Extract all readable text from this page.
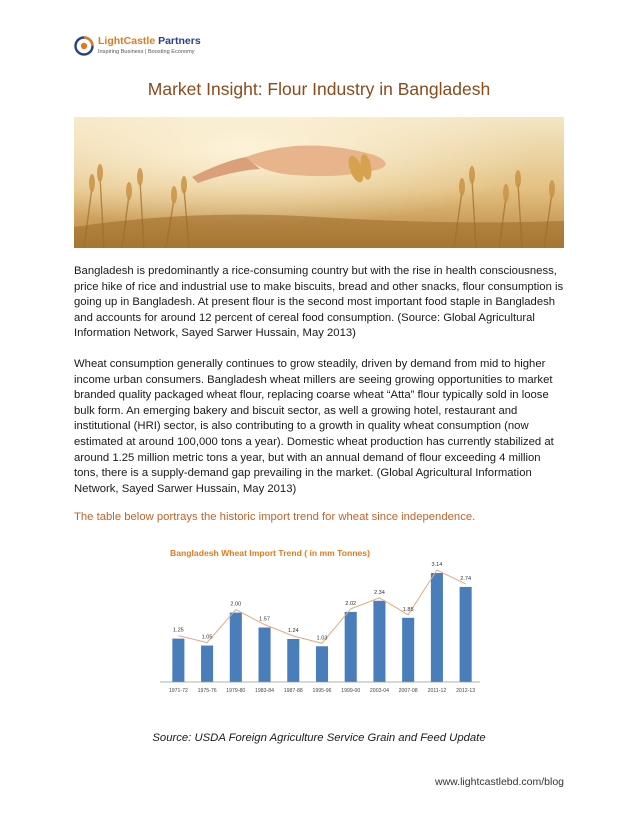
LightCastle Partners
Inspiring Business | Boosting Economy
Market Insight: Flour Industry in Bangladesh

Bangladesh is predominantly a rice-consuming country but with the rise in health consciousness, price hike of rice and industrial use to make biscuits, bread and other snacks, flour consumption is going up in Bangladesh. At present flour is the second most important food staple in Bangladesh and accounts for around 12 percent of cereal food consumption. (Source: Global Agricultural Information Network, Sayed Sarwer Hussain, May 2013)

Wheat consumption generally continues to grow steadily, driven by demand from mid to higher income urban consumers. Bangladesh wheat millers are seeing growing opportunities to market branded quality packaged wheat flour, replacing coarse wheat “Atta” flour typically sold in loose bulk form. An emerging bakery and biscuit sector, as well a growing hotel, restaurant and institutional (HRI) sector, is also contributing to a growth in quality wheat consumption (now estimated at around 100,000 tons a year). Domestic wheat production has currently stabilized at around 1.25 million metric tons a year, but with an annual demand of flour exceeding 4 million tons, there is a supply-demand gap prevailing in the market. (Global Agricultural Information Network, Sayed Sarwer Hussain, May 2013)

The table below portrays the historic import trend for wheat since independence.

Bangladesh Wheat Import Trend ( in mm Tonnes)
1.25
1.05
2.00
1.57
1.24
1.03
2.02
2.34
1.85
3.14
2.74
1971-72 1975-76 1979-80 1983-84 1987-88 1995-96 1999-00 2003-04 2007-08 2011-12 2012-13
Source: USDA Foreign Agriculture Service Grain and Feed Update
www.lightcastlebd.com/blog
